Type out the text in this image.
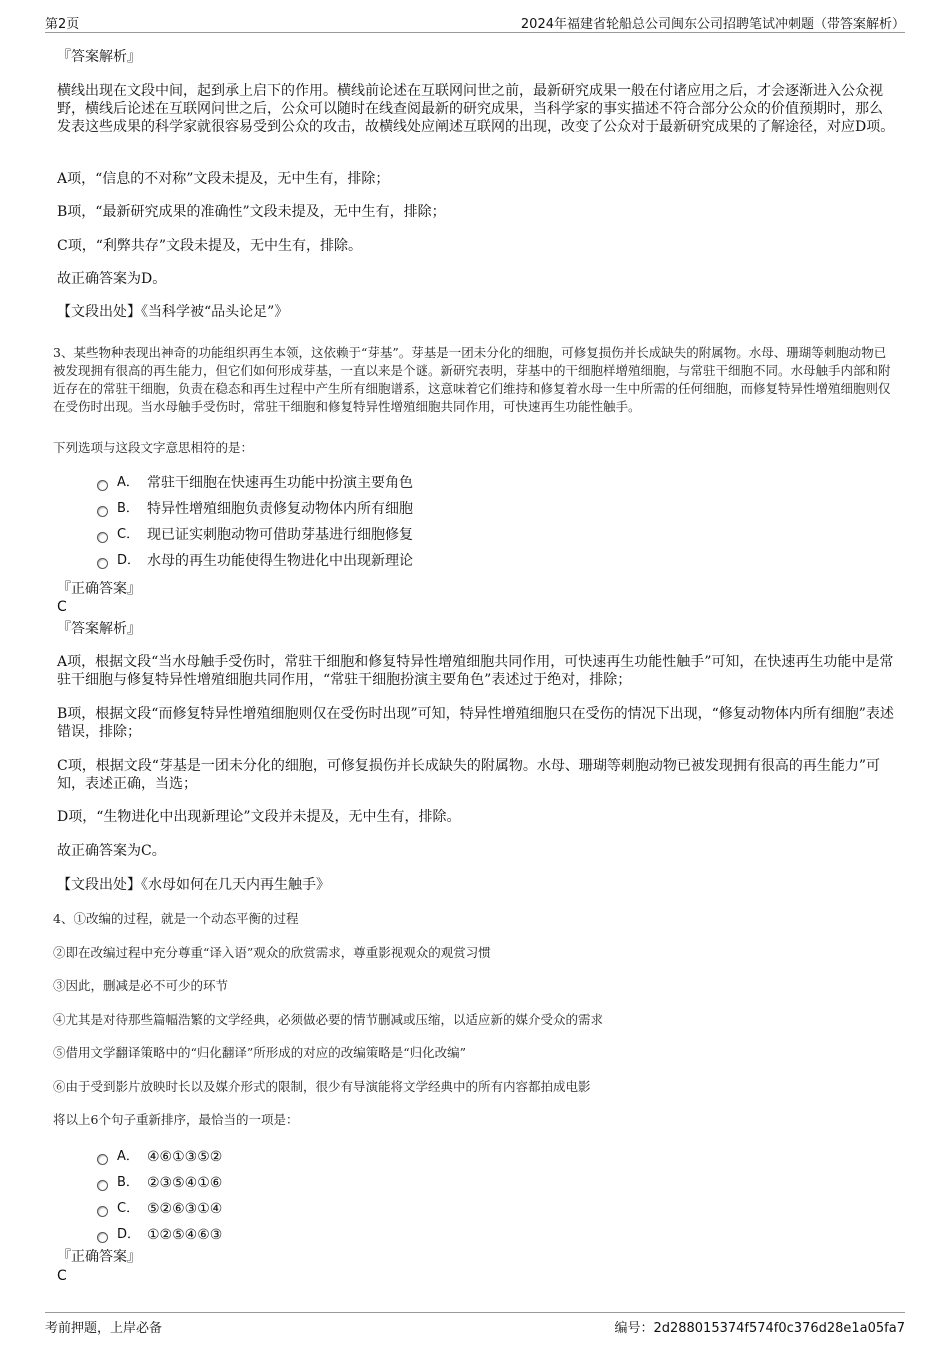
第2页	2024年福建省轮船总公司闽东公司招聘笔试冲刺题（带答案解析）

『答案解析』

横线出现在文段中间，起到承上启下的作用。横线前论述在互联网问世之前，最新研究成果一般在付诸应用之后，才会逐渐进入公众视野，横线后论述在互联网问世之后，公众可以随时在线查阅最新的研究成果，当科学家的事实描述不符合部分公众的价值预期时，那么发表这些成果的科学家就很容易受到公众的攻击，故横线处应阐述互联网的出现，改变了公众对于最新研究成果的了解途径，对应D项。

A项，“信息的不对称”文段未提及，无中生有，排除；

B项，“最新研究成果的准确性”文段未提及，无中生有，排除；

C项，“利弊共存”文段未提及，无中生有，排除。

故正确答案为D。

【文段出处】《当科学被“品头论足”》

3、某些物种表现出神奇的功能组织再生本领，这依赖于“芽基”。芽基是一团未分化的细胞，可修复损伤并长成缺失的附属物。水母、珊瑚等刺胞动物已被发现拥有很高的再生能力，但它们如何形成芽基，一直以来是个谜。新研究表明，芽基中的干细胞样增殖细胞，与常驻干细胞不同。水母触手内部和附近存在的常驻干细胞，负责在稳态和再生过程中产生所有细胞谱系，这意味着它们维持和修复着水母一生中所需的任何细胞，而修复特异性增殖细胞则仅在受伤时出现。当水母触手受伤时，常驻干细胞和修复特异性增殖细胞共同作用，可快速再生功能性触手。

下列选项与这段文字意思相符的是：

A． 常驻干细胞在快速再生功能中扮演主要角色
B． 特异性增殖细胞负责修复动物体内所有细胞
C． 现已证实刺胞动物可借助芽基进行细胞修复
D． 水母的再生功能使得生物进化中出现新理论

『正确答案』

C

『答案解析』

A项，根据文段“当水母触手受伤时，常驻干细胞和修复特异性增殖细胞共同作用，可快速再生功能性触手”可知，在快速再生功能中是常驻干细胞与修复特异性增殖细胞共同作用，“常驻干细胞扮演主要角色”表述过于绝对，排除；

B项，根据文段“而修复特异性增殖细胞则仅在受伤时出现”可知，特异性增殖细胞只在受伤的情况下出现，“修复动物体内所有细胞”表述错误，排除；

C项，根据文段“芽基是一团未分化的细胞，可修复损伤并长成缺失的附属物。水母、珊瑚等刺胞动物已被发现拥有很高的再生能力”可知，表述正确，当选；

D项，“生物进化中出现新理论”文段并未提及，无中生有，排除。

故正确答案为C。

【文段出处】《水母如何在几天内再生触手》

4、①改编的过程，就是一个动态平衡的过程

②即在改编过程中充分尊重“译入语”观众的欣赏需求，尊重影视观众的观赏习惯

③因此，删减是必不可少的环节

④尤其是对待那些篇幅浩繁的文学经典，必须做必要的情节删减或压缩，以适应新的媒介受众的需求

⑤借用文学翻译策略中的“归化翻译”所形成的对应的改编策略是“归化改编”

⑥由于受到影片放映时长以及媒介形式的限制，很少有导演能将文学经典中的所有内容都拍成电影

将以上6个句子重新排序，最恰当的一项是：

A． ④⑥①③⑤②
B． ②③⑤④①⑥
C． ⑤②⑥③①④
D． ①②⑤④⑥③

『正确答案』

C

考前押题，上岸必备	编号：2d288015374f574f0c376d28e1a05fa7
